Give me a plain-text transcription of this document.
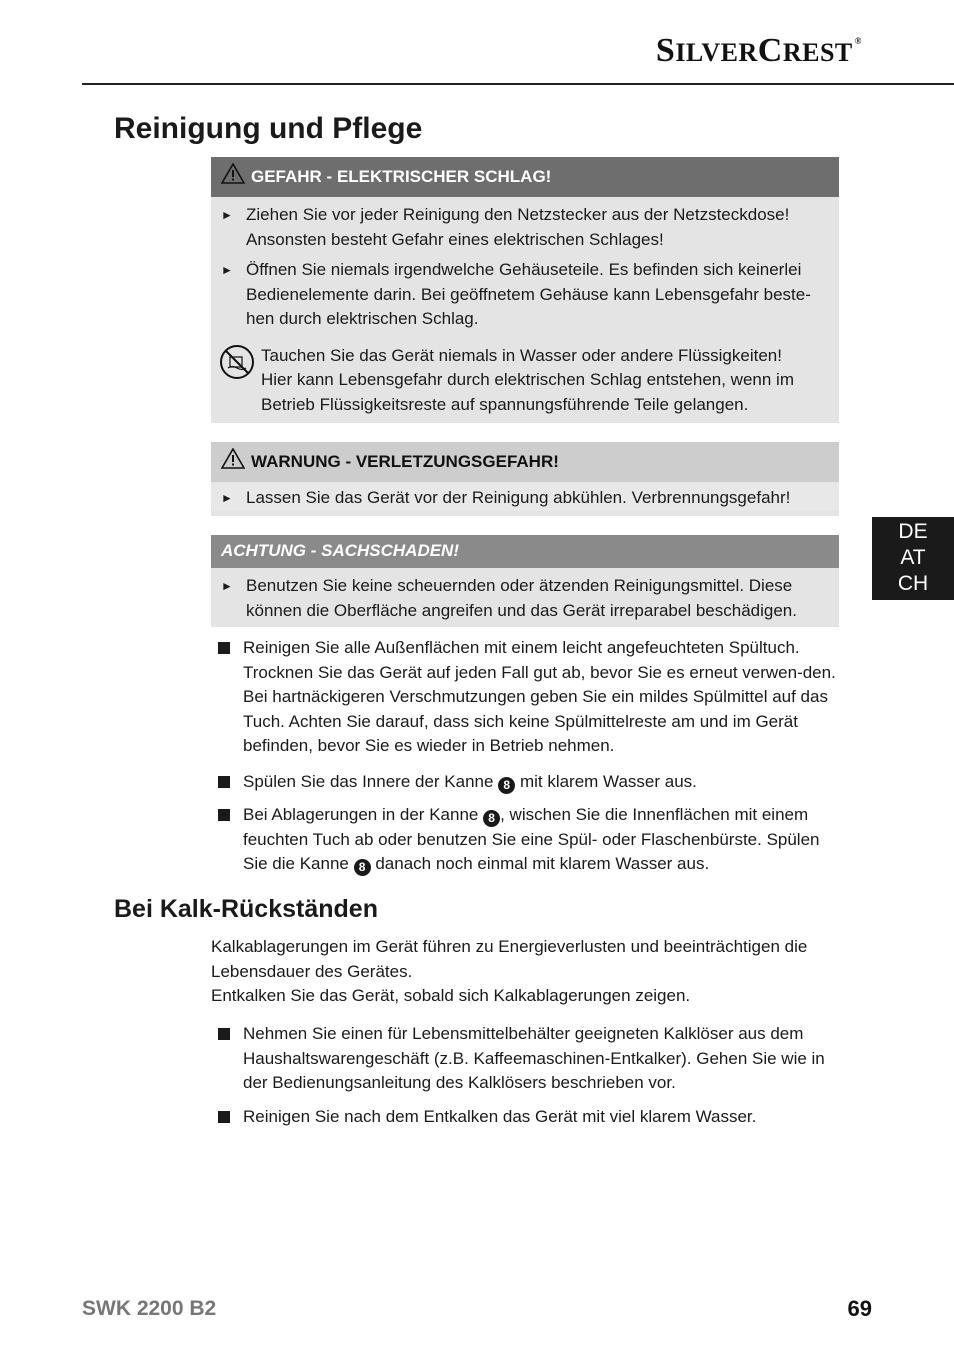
SILVERCREST ®
Reinigung und Pflege
GEFAHR - ELEKTRISCHER SCHLAG!
► Ziehen Sie vor jeder Reinigung den Netzstecker aus der Netzsteckdose! Ansonsten besteht Gefahr eines elektrischen Schlages!
► Öffnen Sie niemals irgendwelche Gehäuseteile. Es befinden sich keinerlei Bedienelemente darin. Bei geöffnetem Gehäuse kann Lebensgefahr beste-hen durch elektrischen Schlag.
Tauchen Sie das Gerät niemals in Wasser oder andere Flüssigkeiten! Hier kann Lebensgefahr durch elektrischen Schlag entstehen, wenn im Betrieb Flüssigkeitsreste auf spannungsführende Teile gelangen.
WARNUNG - VERLETZUNGSGEFAHR!
► Lassen Sie das Gerät vor der Reinigung abkühlen. Verbrennungsgefahr!
ACHTUNG - SACHSCHADEN!
► Benutzen Sie keine scheuernden oder ätzenden Reinigungsmittel. Diese können die Oberfläche angreifen und das Gerät irreparabel beschädigen.
Reinigen Sie alle Außenflächen mit einem leicht angefeuchteten Spültuch. Trocknen Sie das Gerät auf jeden Fall gut ab, bevor Sie es erneut verwen-den. Bei hartnäckigeren Verschmutzungen geben Sie ein mildes Spülmittel auf das Tuch. Achten Sie darauf, dass sich keine Spülmittelreste am und im Gerät befinden, bevor Sie es wieder in Betrieb nehmen.
Spülen Sie das Innere der Kanne 8 mit klarem Wasser aus.
Bei Ablagerungen in der Kanne 8 , wischen Sie die Innenflächen mit einem feuchten Tuch ab oder benutzen Sie eine Spül- oder Flaschenbürste. Spülen Sie die Kanne 8 danach noch einmal mit klarem Wasser aus.
Bei Kalk-Rückständen
Kalkablagerungen im Gerät führen zu Energieverlusten und beeinträchtigen die Lebensdauer des Gerätes.
Entkalken Sie das Gerät, sobald sich Kalkablagerungen zeigen.
Nehmen Sie einen für Lebensmittelbehälter geeigneten Kalklöser aus dem Haushaltswarengeschäft (z.B. Kaffeemaschinen-Entkalker). Gehen Sie wie in der Bedienungsanleitung des Kalklösers beschrieben vor.
Reinigen Sie nach dem Entkalken das Gerät mit viel klarem Wasser.
DE
AT
CH
SWK 2200 B2	69
